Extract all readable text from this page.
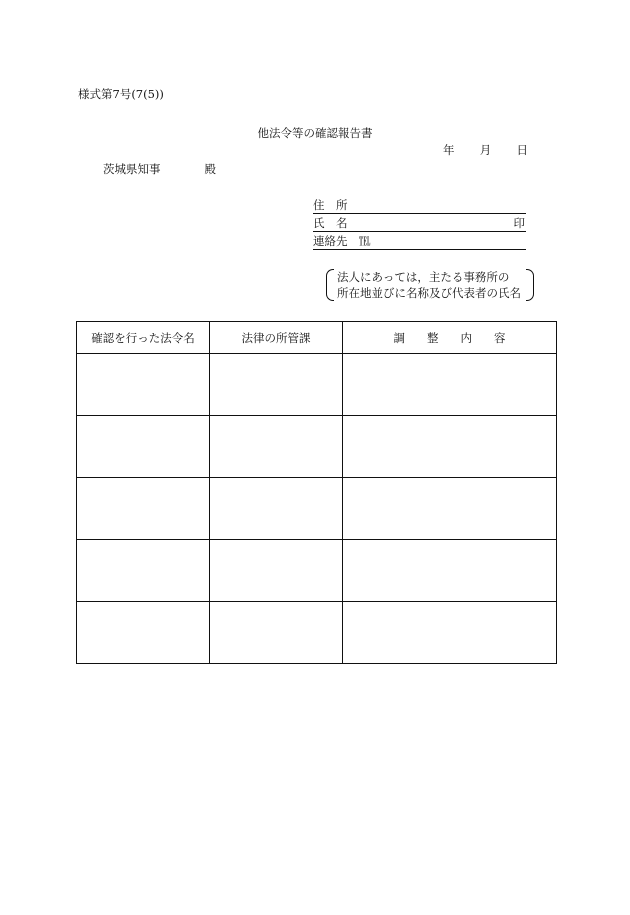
様式第7号(7(5))
他法令等の確認報告書
年 月 日
茨城県知事	殿
住　所
氏　名	印
連絡先　℡
法人にあっては，主たる事務所の
所在地並びに名称及び代表者の氏名
確認を行った法令名	法律の所管課	調整内容
